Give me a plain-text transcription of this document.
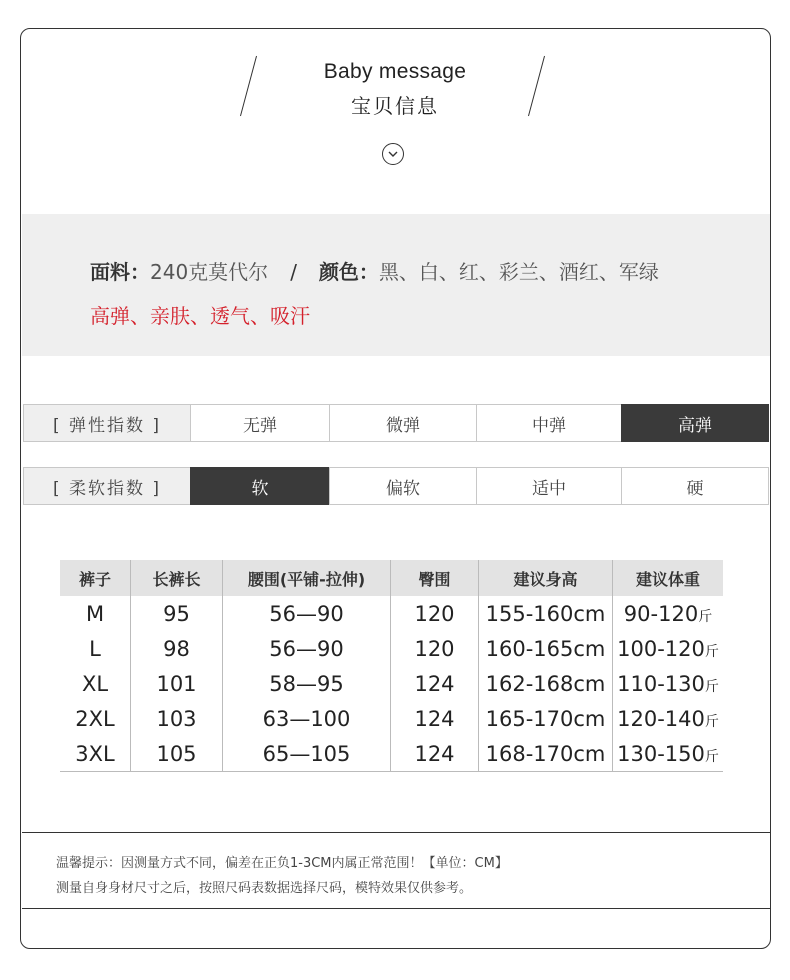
Baby message
宝贝信息
面料：240克莫代尔 / 颜色：黑、白、红、彩兰、酒红、军绿
高弹、亲肤、透气、吸汗
[ 弹性指数 ]	无弹	微弹	中弹	高弹
[ 柔软指数 ]	软	偏软	适中	硬
裤子	长裤长	腰围(平铺-拉伸)	臀围	建议身高	建议体重
M	95	56—90	120	155-160cm	90-120斤
L	98	56—90	120	160-165cm	100-120斤
XL	101	58—95	124	162-168cm	110-130斤
2XL	103	63—100	124	165-170cm	120-140斤
3XL	105	65—105	124	168-170cm	130-150斤
温馨提示：因测量方式不同，偏差在正负1-3CM内属正常范围！【单位：CM】
测量自身身材尺寸之后，按照尺码表数据选择尺码，模特效果仅供参考。
